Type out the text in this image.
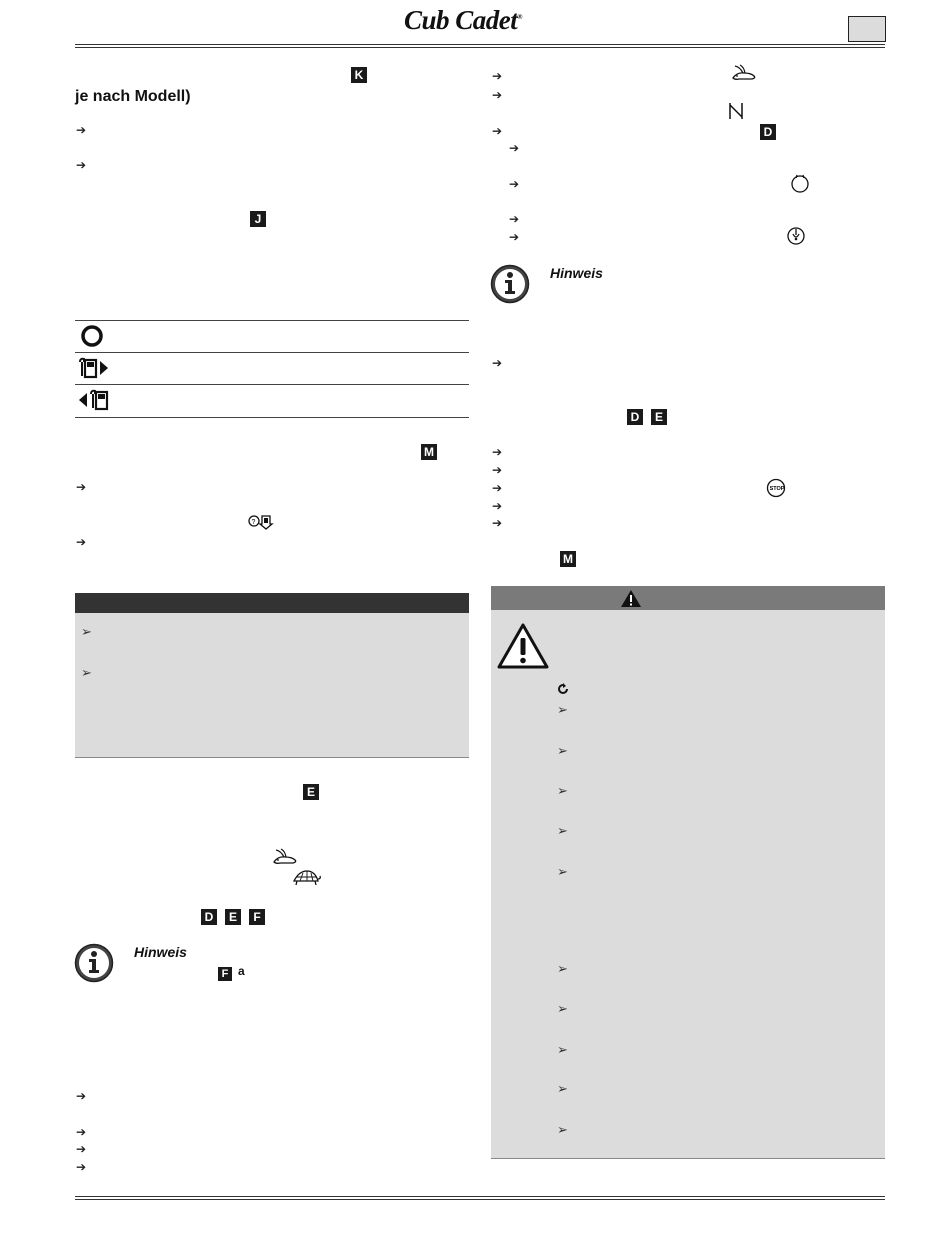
Cub Cadet®
K
je nach Modell)
➔
➔
J
M
➔
?
➔
➢
➢
E
D	E	F
Hinweis
F a
➔
➔
➔
➔
➔
➔
➔	D
➔
➔
➔
➔
Hinweis
➔
D	E
➔
➔
➔	STOP
➔
➔
M
➢
➢
➢
➢
➢
➢
➢
➢
➢
➢
